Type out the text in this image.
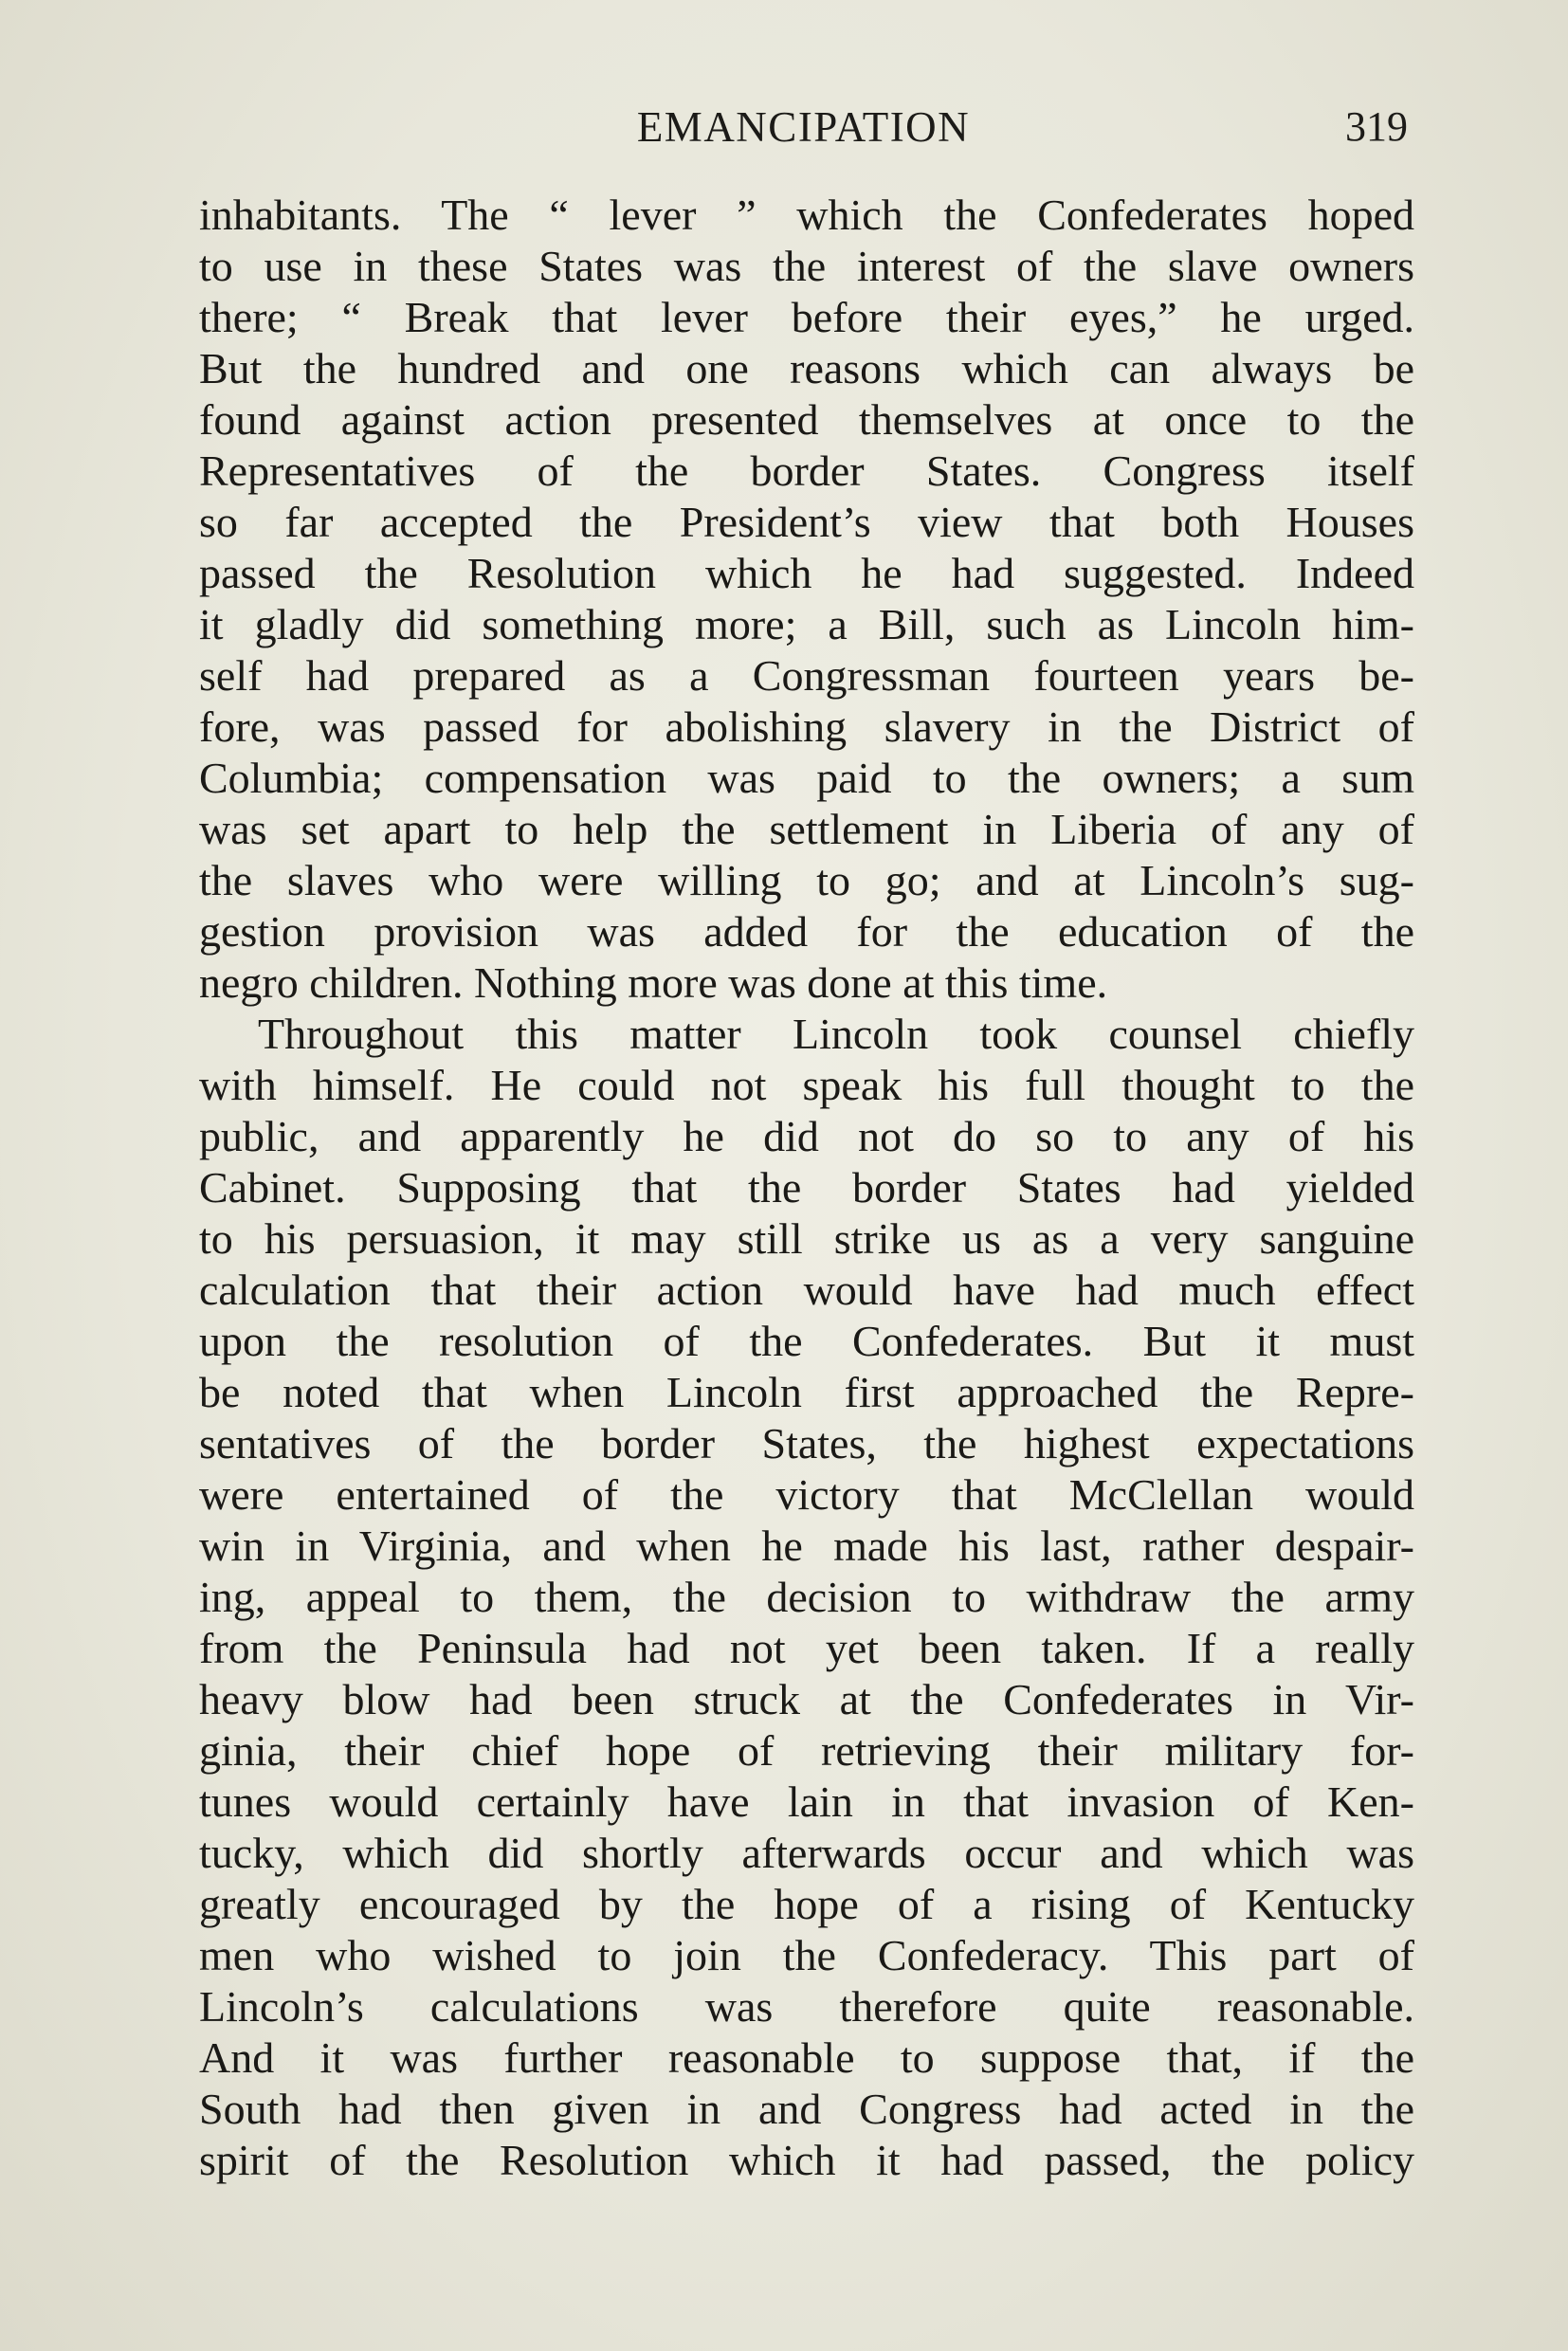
EMANCIPATION	319
inhabitants. The “ lever ” which the Confederates hoped
to use in these States was the interest of the slave owners
there; “ Break that lever before their eyes,” he urged.
But the hundred and one reasons which can always be
found against action presented themselves at once to the
Representatives of the border States. Congress itself
so far accepted the President’s view that both Houses
passed the Resolution which he had suggested. Indeed
it gladly did something more; a Bill, such as Lincoln him-
self had prepared as a Congressman fourteen years be-
fore, was passed for abolishing slavery in the District of
Columbia; compensation was paid to the owners; a sum
was set apart to help the settlement in Liberia of any of
the slaves who were willing to go; and at Lincoln’s sug-
gestion provision was added for the education of the
negro children. Nothing more was done at this time.
Throughout this matter Lincoln took counsel chiefly
with himself. He could not speak his full thought to the
public, and apparently he did not do so to any of his
Cabinet. Supposing that the border States had yielded
to his persuasion, it may still strike us as a very sanguine
calculation that their action would have had much effect
upon the resolution of the Confederates. But it must
be noted that when Lincoln first approached the Repre-
sentatives of the border States, the highest expectations
were entertained of the victory that McClellan would
win in Virginia, and when he made his last, rather despair-
ing, appeal to them, the decision to withdraw the army
from the Peninsula had not yet been taken. If a really
heavy blow had been struck at the Confederates in Vir-
ginia, their chief hope of retrieving their military for-
tunes would certainly have lain in that invasion of Ken-
tucky, which did shortly afterwards occur and which was
greatly encouraged by the hope of a rising of Kentucky
men who wished to join the Confederacy. This part of
Lincoln’s calculations was therefore quite reasonable.
And it was further reasonable to suppose that, if the
South had then given in and Congress had acted in the
spirit of the Resolution which it had passed, the policy
